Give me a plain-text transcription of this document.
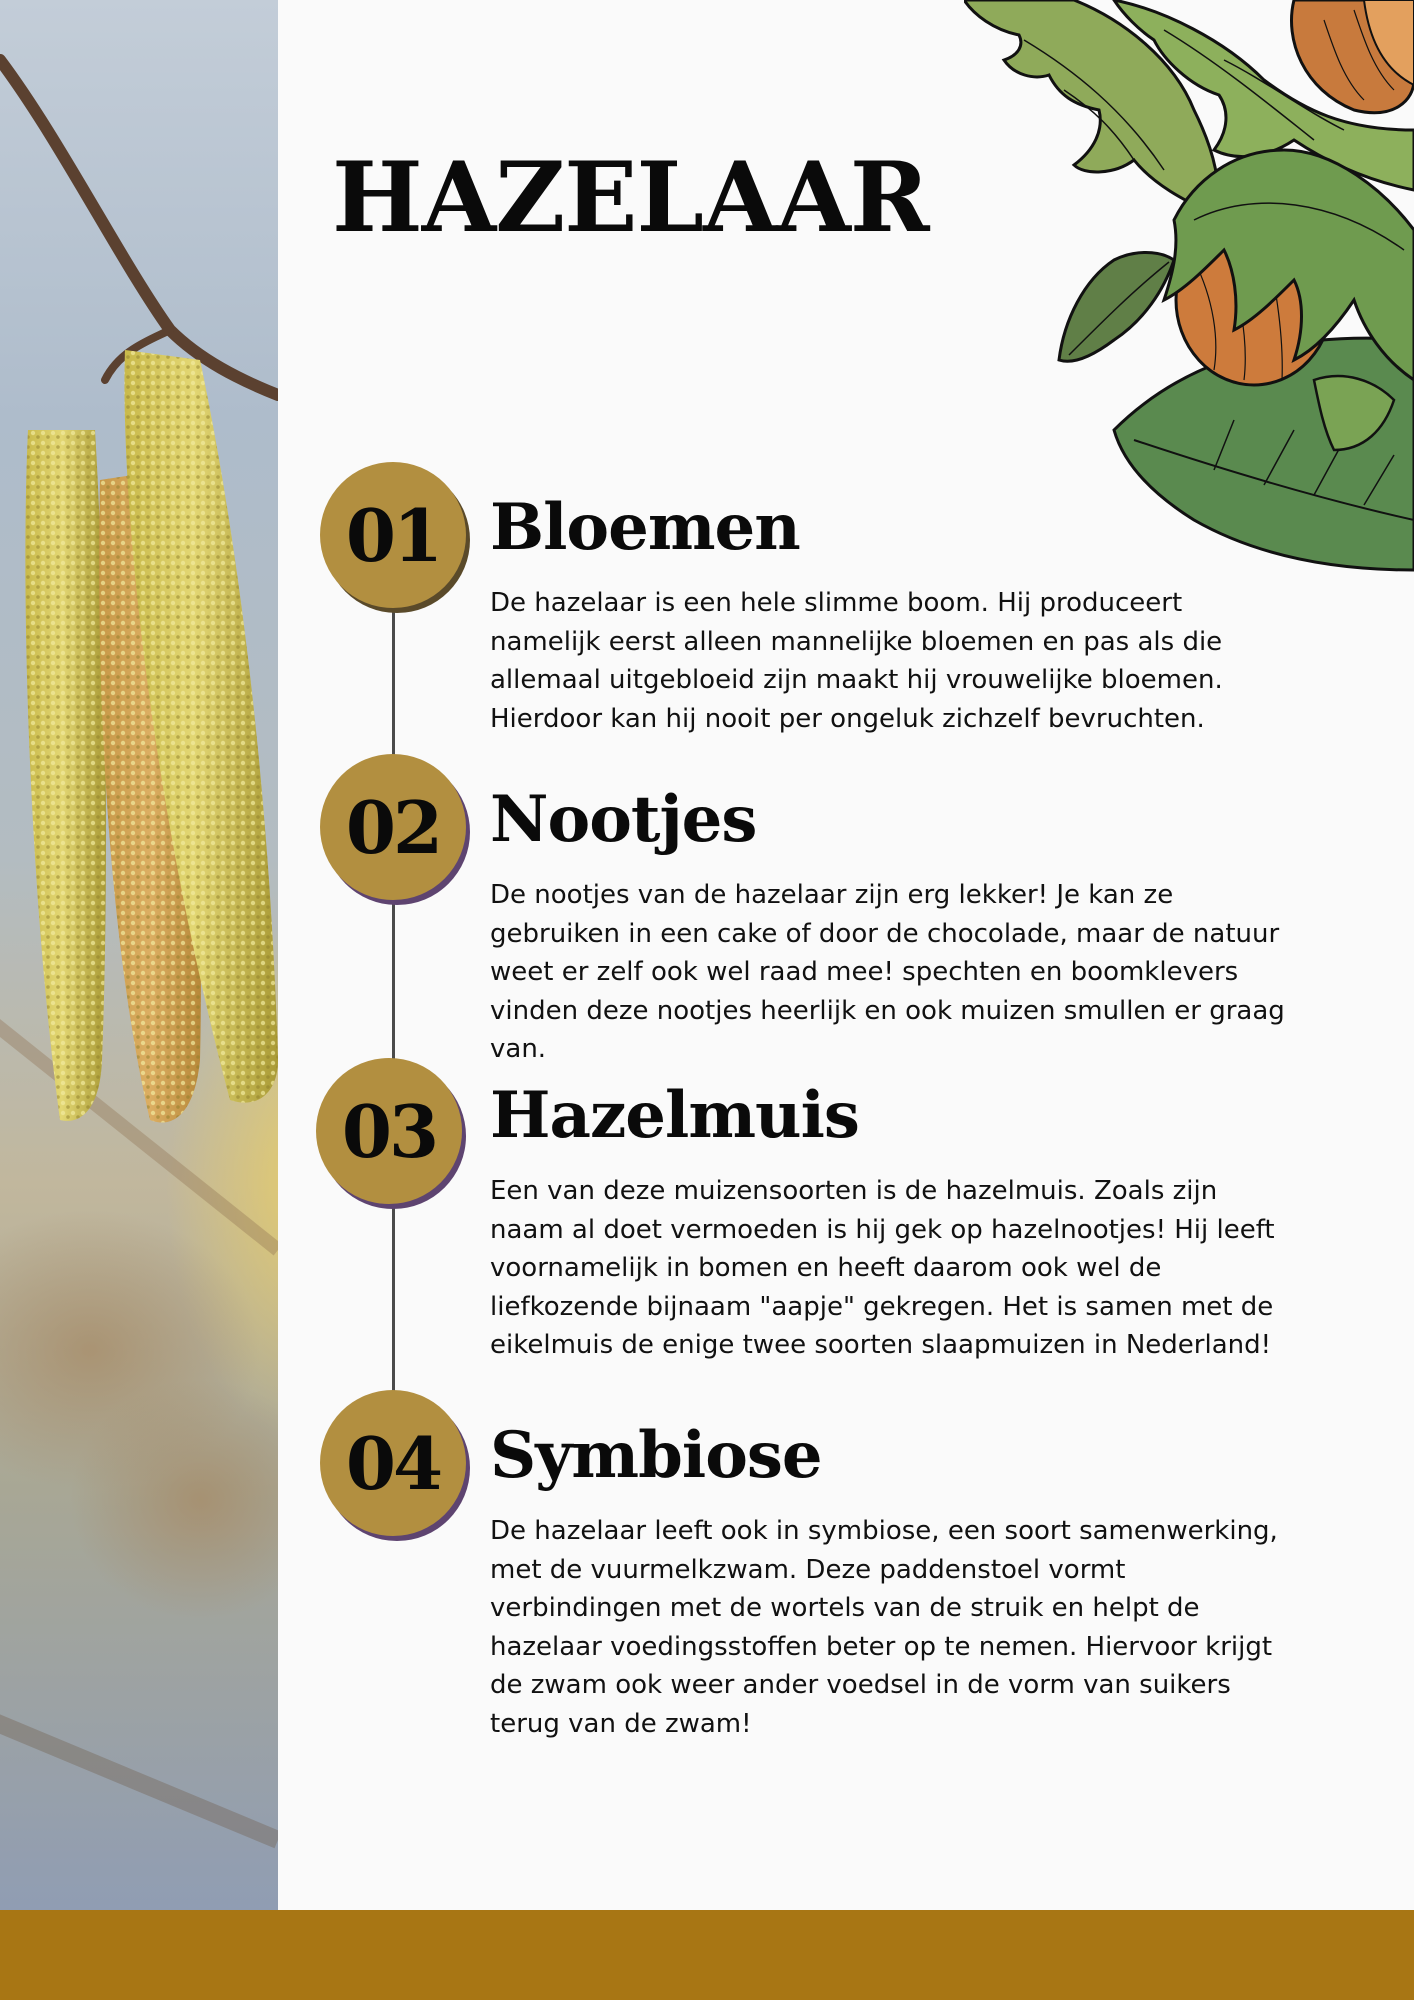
HAZELAAR
01 Bloemen

De hazelaar is een hele slimme boom. Hij produceert namelijk eerst alleen mannelijke bloemen en pas als die allemaal uitgebloeid zijn maakt hij vrouwelijke bloemen. Hierdoor kan hij nooit per ongeluk zichzelf bevruchten.

02 Nootjes

De nootjes van de hazelaar zijn erg lekker! Je kan ze gebruiken in een cake of door de chocolade, maar de natuur weet er zelf ook wel raad mee! spechten en boomklevers vinden deze nootjes heerlijk en ook muizen smullen er graag van.

03 Hazelmuis

Een van deze muizensoorten is de hazelmuis. Zoals zijn naam al doet vermoeden is hij gek op hazelnootjes! Hij leeft voornamelijk in bomen en heeft daarom ook wel de liefkozende bijnaam "aapje" gekregen. Het is samen met de eikelmuis de enige twee soorten slaapmuizen in Nederland!

04 Symbiose

De hazelaar leeft ook in symbiose, een soort samenwerking, met de vuurmelkzwam. Deze paddenstoel vormt verbindingen met de wortels van de struik en helpt de hazelaar voedingsstoffen beter op te nemen. Hiervoor krijgt de zwam ook weer ander voedsel in de vorm van suikers terug van de zwam!
